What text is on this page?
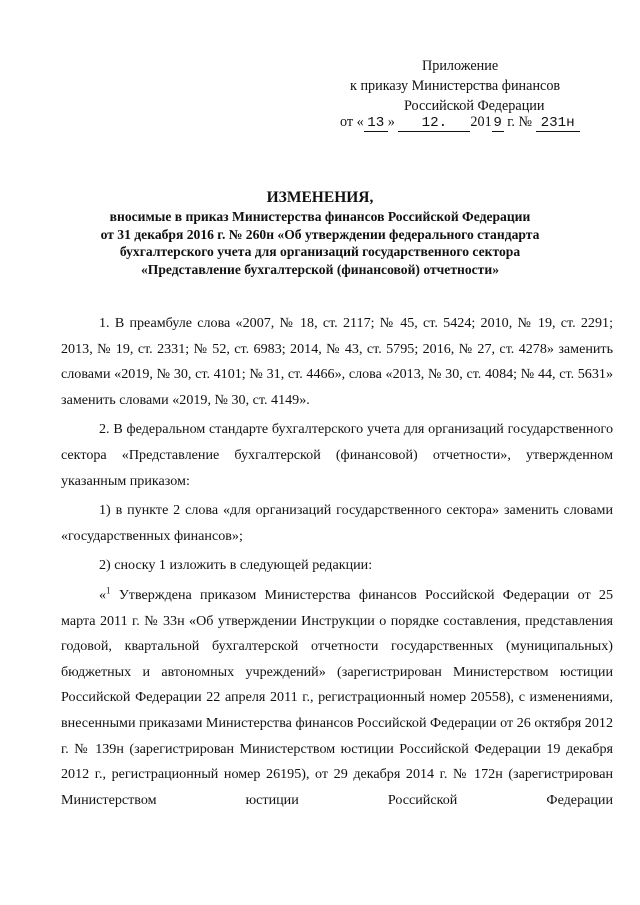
Приложение
к приказу Министерства финансов
Российской Федерации
от « 13 » 12. 201 9 г. № 231н
ИЗМЕНЕНИЯ,
вносимые в приказ Министерства финансов Российской Федерации
от 31 декабря 2016 г. № 260н «Об утверждении федерального стандарта
бухгалтерского учета для организаций государственного сектора
«Представление бухгалтерской (финансовой) отчетности»

1. В преамбуле слова «2007, № 18, ст. 2117; № 45, ст. 5424; 2010, № 19, ст. 2291; 2013, № 19, ст. 2331; № 52, ст. 6983; 2014, № 43, ст. 5795; 2016, № 27, ст. 4278» заменить словами «2019, № 30, ст. 4101; № 31, ст. 4466», слова «2013, № 30, ст. 4084; № 44, ст. 5631» заменить словами «2019, № 30, ст. 4149».

2. В федеральном стандарте бухгалтерского учета для организаций государственного сектора «Представление бухгалтерской (финансовой) отчетности», утвержденном указанным приказом:

1) в пункте 2 слова «для организаций государственного сектора» заменить словами «государственных финансов»;

2) сноску 1 изложить в следующей редакции:

«$^1$ Утверждена приказом Министерства финансов Российской Федерации от 25 марта 2011 г. № 33н «Об утверждении Инструкции о порядке составления, представления годовой, квартальной бухгалтерской отчетности государственных (муниципальных) бюджетных и автономных учреждений» (зарегистрирован Министерством юстиции Российской Федерации 22 апреля 2011 г., регистрационный номер 20558), с изменениями, внесенными приказами Министерства финансов Российской Федерации от 26 октября 2012 г. № 139н (зарегистрирован Министерством юстиции Российской Федерации 19 декабря 2012 г., регистрационный номер 26195), от 29 декабря 2014 г. № 172н (зарегистрирован Министерством юстиции Российской Федерации
